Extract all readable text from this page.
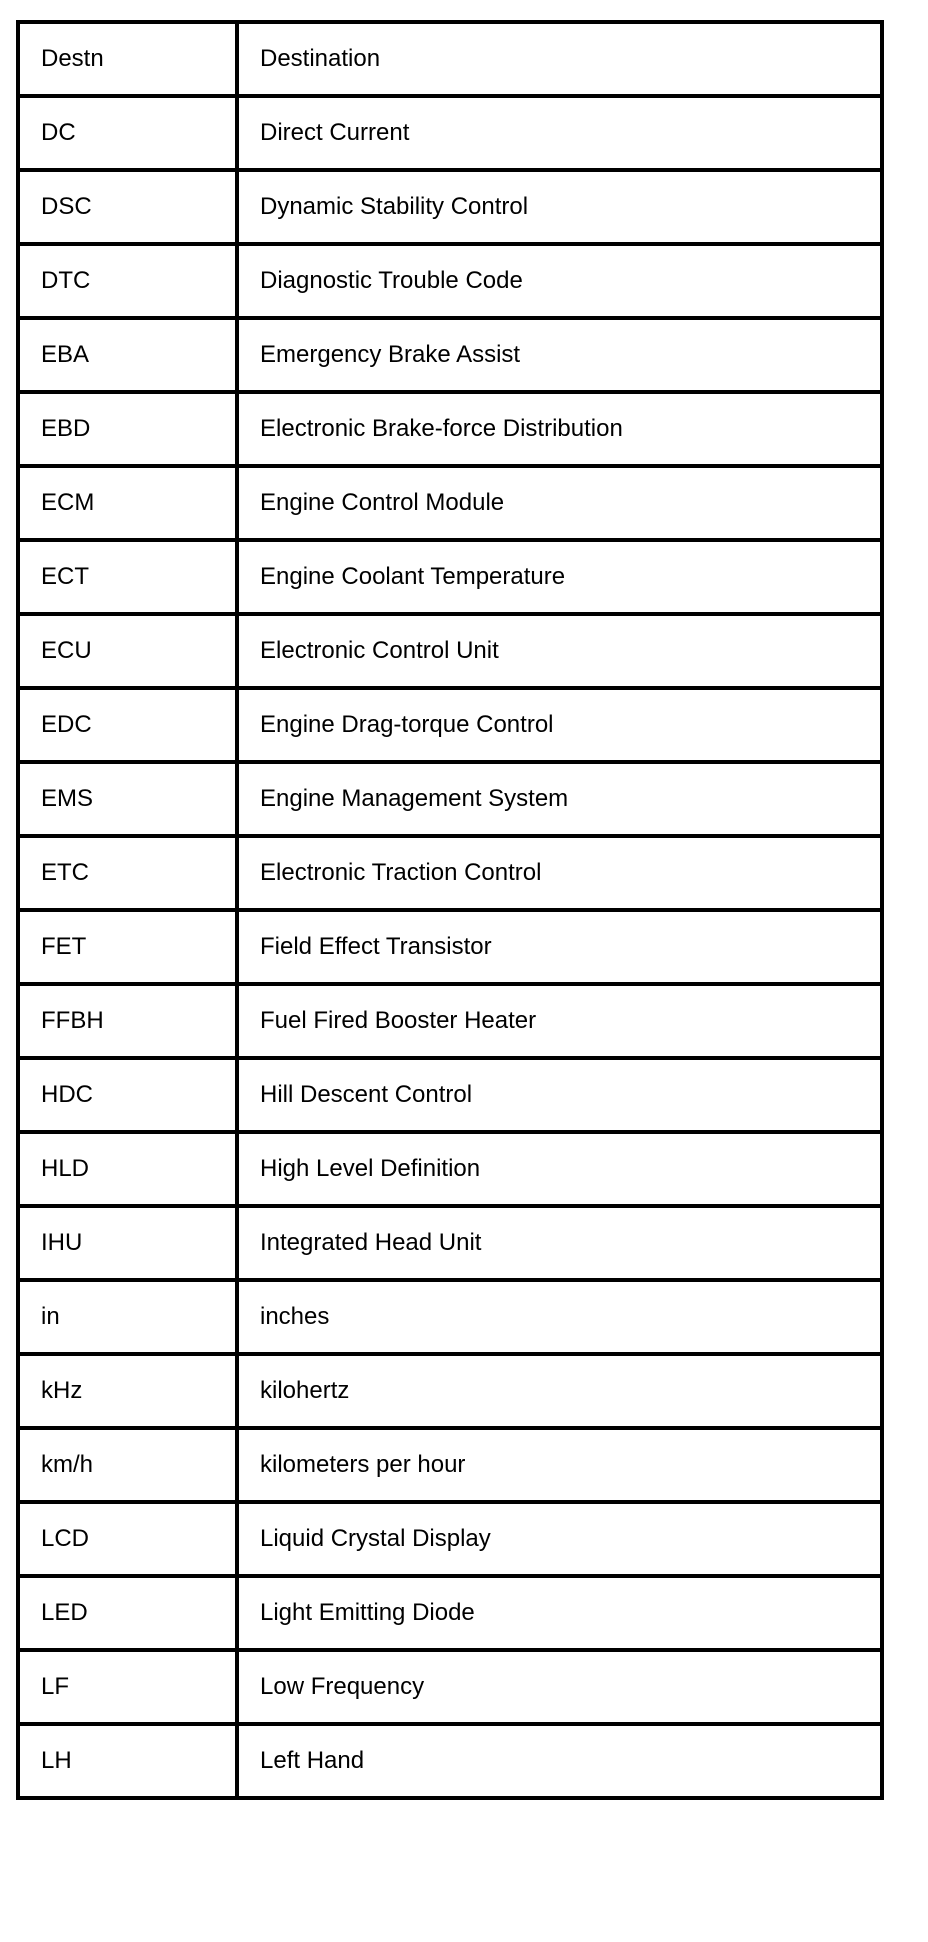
Destn	Destination
DC	Direct Current
DSC	Dynamic Stability Control
DTC	Diagnostic Trouble Code
EBA	Emergency Brake Assist
EBD	Electronic Brake-force Distribution
ECM	Engine Control Module
ECT	Engine Coolant Temperature
ECU	Electronic Control Unit
EDC	Engine Drag-torque Control
EMS	Engine Management System
ETC	Electronic Traction Control
FET	Field Effect Transistor
FFBH	Fuel Fired Booster Heater
HDC	Hill Descent Control
HLD	High Level Definition
IHU	Integrated Head Unit
in	inches
kHz	kilohertz
km/h	kilometers per hour
LCD	Liquid Crystal Display
LED	Light Emitting Diode
LF	Low Frequency
LH	Left Hand
